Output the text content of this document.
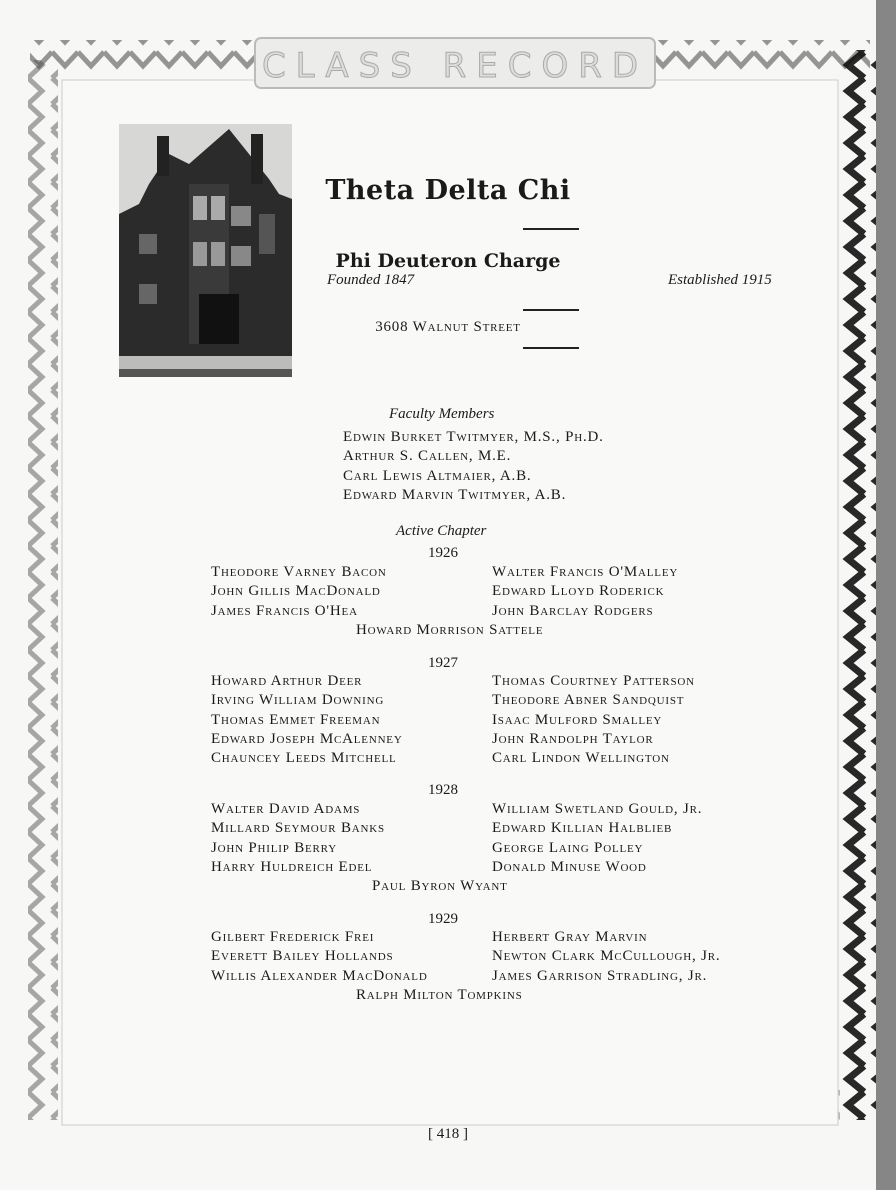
CLASS RECORD
Theta Delta Chi
Phi Deuteron Charge
Founded 1847	Established 1915
3608 Walnut Street
Faculty Members
Edwin Burket Twitmyer, M.S., Ph.D.
Arthur S. Callen, M.E.
Carl Lewis Altmaier, A.B.
Edward Marvin Twitmyer, A.B.
Active Chapter
1926
Theodore Varney Bacon
John Gillis MacDonald
James Francis O'Hea
Walter Francis O'Malley
Edward Lloyd Roderick
John Barclay Rodgers
Howard Morrison Sattele
1927
Howard Arthur Deer
Irving William Downing
Thomas Emmet Freeman
Edward Joseph McAlenney
Chauncey Leeds Mitchell
Thomas Courtney Patterson
Theodore Abner Sandquist
Isaac Mulford Smalley
John Randolph Taylor
Carl Lindon Wellington
1928
Walter David Adams
Millard Seymour Banks
John Philip Berry
Harry Huldreich Edel
William Swetland Gould, Jr.
Edward Killian Halblieb
George Laing Polley
Donald Minuse Wood
Paul Byron Wyant
1929
Gilbert Frederick Frei
Everett Bailey Hollands
Willis Alexander MacDonald
Herbert Gray Marvin
Newton Clark McCullough, Jr.
James Garrison Stradling, Jr.
Ralph Milton Tompkins
[ 418 ]
